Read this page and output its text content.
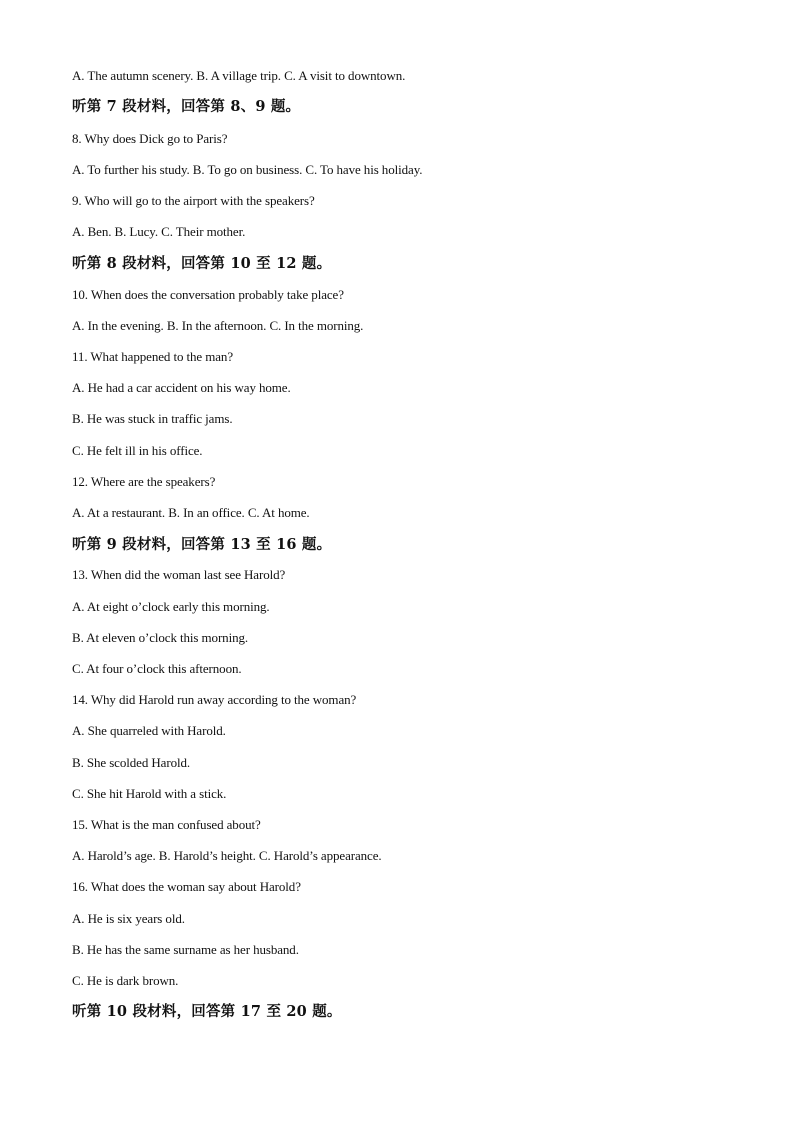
A. The autumn scenery. B. A village trip. C. A visit to downtown.
听第 7 段材料，回答第 8、9 题。
8. Why does Dick go to Paris?
A. To further his study. B. To go on business. C. To have his holiday.
9. Who will go to the airport with the speakers?
A. Ben. B. Lucy. C. Their mother.
听第 8 段材料，回答第 10 至 12 题。
10. When does the conversation probably take place?
A. In the evening. B. In the afternoon. C. In the morning.
11. What happened to the man?
A. He had a car accident on his way home.
B. He was stuck in traffic jams.
C. He felt ill in his office.
12. Where are the speakers?
A. At a restaurant. B. In an office. C. At home.
听第 9 段材料，回答第 13 至 16 题。
13. When did the woman last see Harold?
A. At eight o’clock early this morning.
B. At eleven o’clock this morning.
C. At four o’clock this afternoon.
14. Why did Harold run away according to the woman?
A. She quarreled with Harold.
B. She scolded Harold.
C. She hit Harold with a stick.
15. What is the man confused about?
A. Harold’s age. B. Harold’s height. C. Harold’s appearance.
16. What does the woman say about Harold?
A. He is six years old.
B. He has the same surname as her husband.
C. He is dark brown.
听第 10 段材料，回答第 17 至 20 题。
